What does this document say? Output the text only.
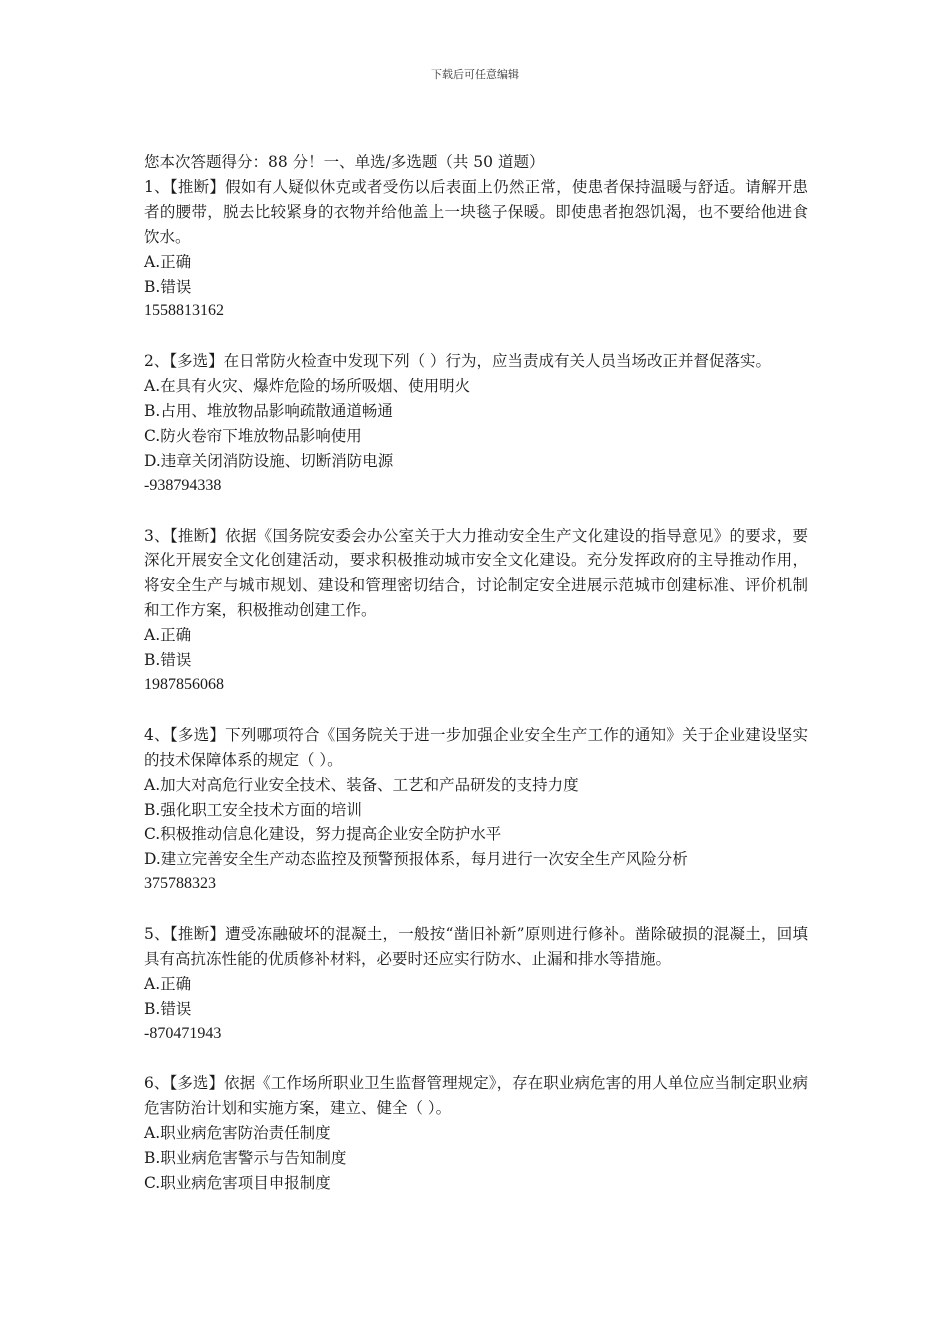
下载后可任意编辑

您本次答题得分：88 分！一、单选/多选题（共 50 道题）

1、【推断】假如有人疑似休克或者受伤以后表面上仍然正常，使患者保持温暖与舒适。请解开患者的腰带，脱去比较紧身的衣物并给他盖上一块毯子保暖。即使患者抱怨饥渴，也不要给他进食饮水。

A.正确

B.错误

1558813162

2、【多选】在日常防火检查中发现下列（ ）行为，应当责成有关人员当场改正并督促落实。

A.在具有火灾、爆炸危险的场所吸烟、使用明火

B.占用、堆放物品影响疏散通道畅通

C.防火卷帘下堆放物品影响使用

D.违章关闭消防设施、切断消防电源

-938794338

3、【推断】依据《国务院安委会办公室关于大力推动安全生产文化建设的指导意见》的要求，要深化开展安全文化创建活动，要求积极推动城市安全文化建设。充分发挥政府的主导推动作用，将安全生产与城市规划、建设和管理密切结合，讨论制定安全进展示范城市创建标准、评价机制和工作方案，积极推动创建工作。

A.正确

B.错误

1987856068

4、【多选】下列哪项符合《国务院关于进一步加强企业安全生产工作的通知》关于企业建设坚实的技术保障体系的规定（ ）。

A.加大对高危行业安全技术、装备、工艺和产品研发的支持力度

B.强化职工安全技术方面的培训

C.积极推动信息化建设，努力提高企业安全防护水平

D.建立完善安全生产动态监控及预警预报体系，每月进行一次安全生产风险分析

375788323

5、【推断】遭受冻融破坏的混凝土，一般按“凿旧补新”原则进行修补。凿除破损的混凝土，回填具有高抗冻性能的优质修补材料，必要时还应实行防水、止漏和排水等措施。

A.正确

B.错误

-870471943

6、【多选】依据《工作场所职业卫生监督管理规定》，存在职业病危害的用人单位应当制定职业病危害防治计划和实施方案，建立、健全（ ）。

A.职业病危害防治责任制度

B.职业病危害警示与告知制度

C.职业病危害项目申报制度
